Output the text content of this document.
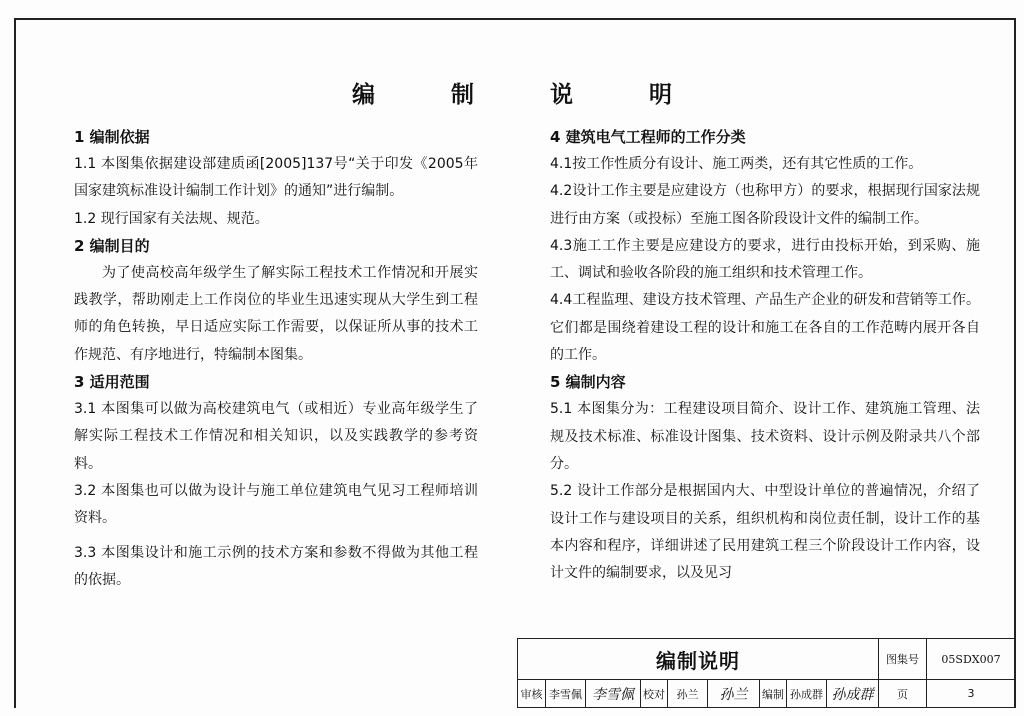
编 制 说 明
1 编制依据
1.1 本图集依据建设部建质函[2005]137号“关于印发《2005年国家建筑标准设计编制工作计划》的通知”进行编制。
1.2 现行国家有关法规、规范。
2 编制目的
为了使高校高年级学生了解实际工程技术工作情况和开展实践教学，帮助刚走上工作岗位的毕业生迅速实现从大学生到工程师的角色转换，早日适应实际工作需要，以保证所从事的技术工作规范、有序地进行，特编制本图集。
3 适用范围
3.1 本图集可以做为高校建筑电气（或相近）专业高年级学生了解实际工程技术工作情况和相关知识，以及实践教学的参考资料。
3.2 本图集也可以做为设计与施工单位建筑电气见习工程师培训资料。
3.3 本图集设计和施工示例的技术方案和参数不得做为其他工程的依据。
4 建筑电气工程师的工作分类
4.1按工作性质分有设计、施工两类，还有其它性质的工作。
4.2设计工作主要是应建设方（也称甲方）的要求，根据现行国家法规进行由方案（或投标）至施工图各阶段设计文件的编制工作。
4.3施工工作主要是应建设方的要求，进行由投标开始，到采购、施工、调试和验收各阶段的施工组织和技术管理工作。
4.4工程监理、建设方技术管理、产品生产企业的研发和营销等工作。它们都是围绕着建设工程的设计和施工在各自的工作范畴内展开各自的工作。
5 编制内容
5.1 本图集分为：工程建设项目简介、设计工作、建筑施工管理、法规及技术标准、标准设计图集、技术资料、设计示例及附录共八个部分。
5.2 设计工作部分是根据国内大、中型设计单位的普遍情况，介绍了设计工作与建设项目的关系，组织机构和岗位责任制，设计工作的基本内容和程序，详细讲述了民用建筑工程三个阶段设计工作内容，设计文件的编制要求，以及见习
编制说明	图集号	05SDX007
审核 李雪佩 李雪佩 校对	孙兰	孙兰	编制 孙成群 孙成群	页	3
